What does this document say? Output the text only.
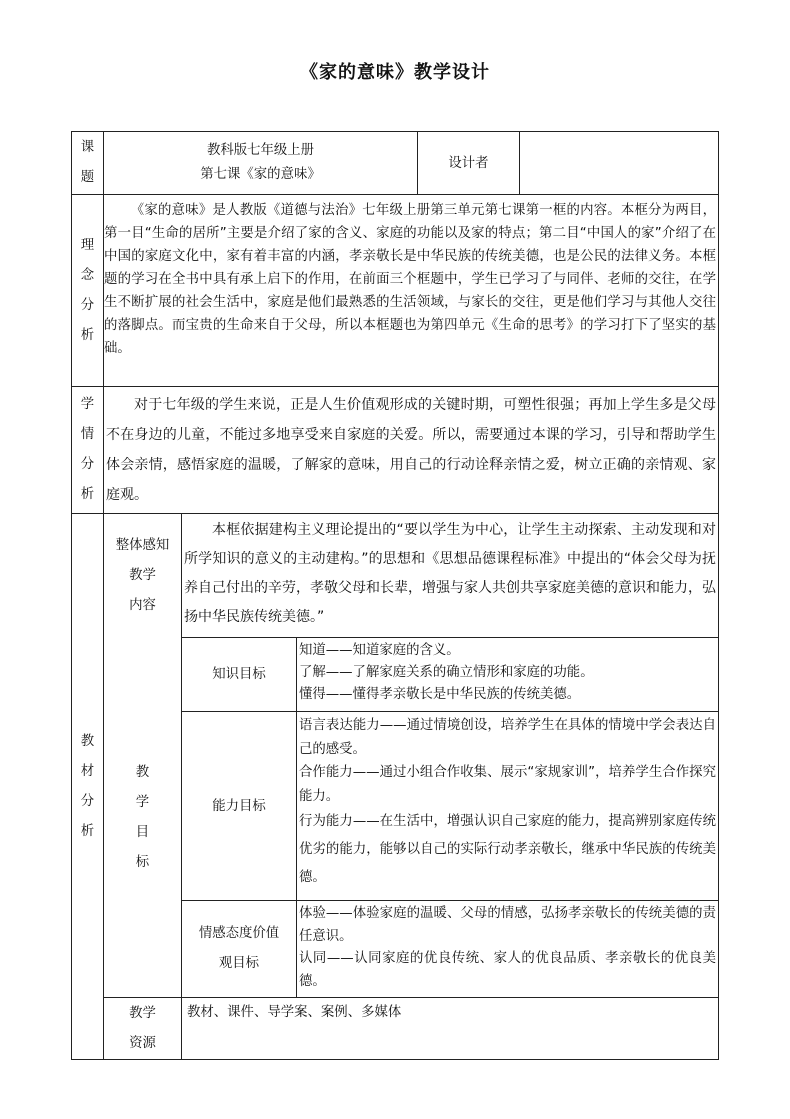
《家的意味》教学设计
课
题
教科版七年级上册
第七课《家的意味》
设计者
理
念
分
析

《家的意味》是人教版《道德与法治》七年级上册第三单元第七课第一框的内容。本框分为两目，第一目“生命的居所”主要是介绍了家的含义、家庭的功能以及家的特点；第二目“中国人的家”介绍了在中国的家庭文化中，家有着丰富的内涵，孝亲敬长是中华民族的传统美德，也是公民的法律义务。本框题的学习在全书中具有承上启下的作用，在前面三个框题中，学生已学习了与同伴、老师的交往，在学生不断扩展的社会生活中，家庭是他们最熟悉的生活领域，与家长的交往，更是他们学习与其他人交往的落脚点。而宝贵的生命来自于父母，所以本框题也为第四单元《生命的思考》的学习打下了坚实的基础。

学
情
分
析

对于七年级的学生来说，正是人生价值观形成的关键时期，可塑性很强；再加上学生多是父母不在身边的儿童，不能过多地享受来自家庭的关爱。所以，需要通过本课的学习，引导和帮助学生体会亲情，感悟家庭的温暖，了解家的意味，用自己的行动诠释亲情之爱，树立正确的亲情观、家庭观。

教
材
分
析
整体感知
教学
内容

本框依据建构主义理论提出的“要以学生为中心，让学生主动探索、主动发现和对所学知识的意义的主动建构。”的思想和《思想品德课程标准》中提出的“体会父母为抚养自己付出的辛劳，孝敬父母和长辈，增强与家人共创共享家庭美德的意识和能力，弘扬中华民族传统美德。”

教
学
目
标
知识目标

知道——知道家庭的含义。

了解——了解家庭关系的确立情形和家庭的功能。

懂得——懂得孝亲敬长是中华民族的传统美德。

能力目标

语言表达能力——通过情境创设，培养学生在具体的情境中学会表达自己的感受。

合作能力——通过小组合作收集、展示“家规家训”，培养学生合作探究能力。

行为能力——在生活中，增强认识自己家庭的能力，提高辨别家庭传统优劣的能力，能够以自己的实际行动孝亲敬长，继承中华民族的传统美德。

情感态度价值
观目标

体验——体验家庭的温暖、父母的情感，弘扬孝亲敬长的传统美德的责任意识。

认同——认同家庭的优良传统、家人的优良品质、孝亲敬长的优良美德。

教学
资源
教材、课件、导学案、案例、多媒体
